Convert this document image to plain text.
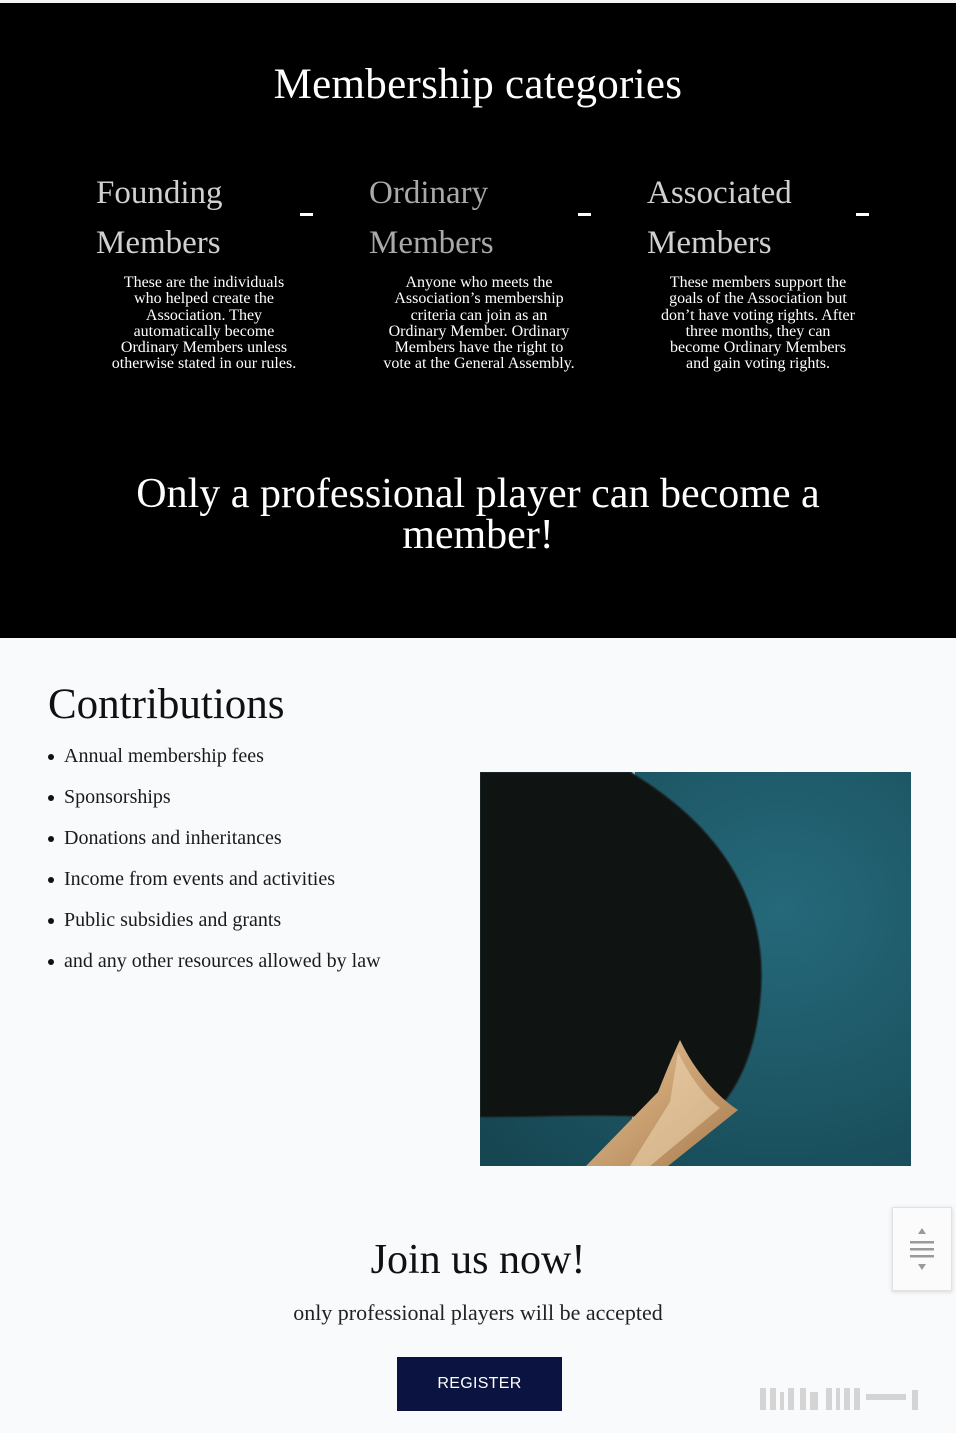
Membership categories
Founding
Members
These are the individuals
who helped create the
Association. They
automatically become
Ordinary Members unless
otherwise stated in our rules.
Ordinary
Members
Anyone who meets the
Association’s membership
criteria can join as an
Ordinary Member. Ordinary
Members have the right to
vote at the General Assembly.
Associated
Members
These members support the
goals of the Association but
don’t have voting rights. After
three months, they can
become Ordinary Members
and gain voting rights.
Only a professional player can become a member!
Contributions
Annual membership fees
Sponsorships
Donations and inheritances
Income from events and activities
Public subsidies and grants
and any other resources allowed by law
Join us now!

only professional players will be accepted

REGISTER
